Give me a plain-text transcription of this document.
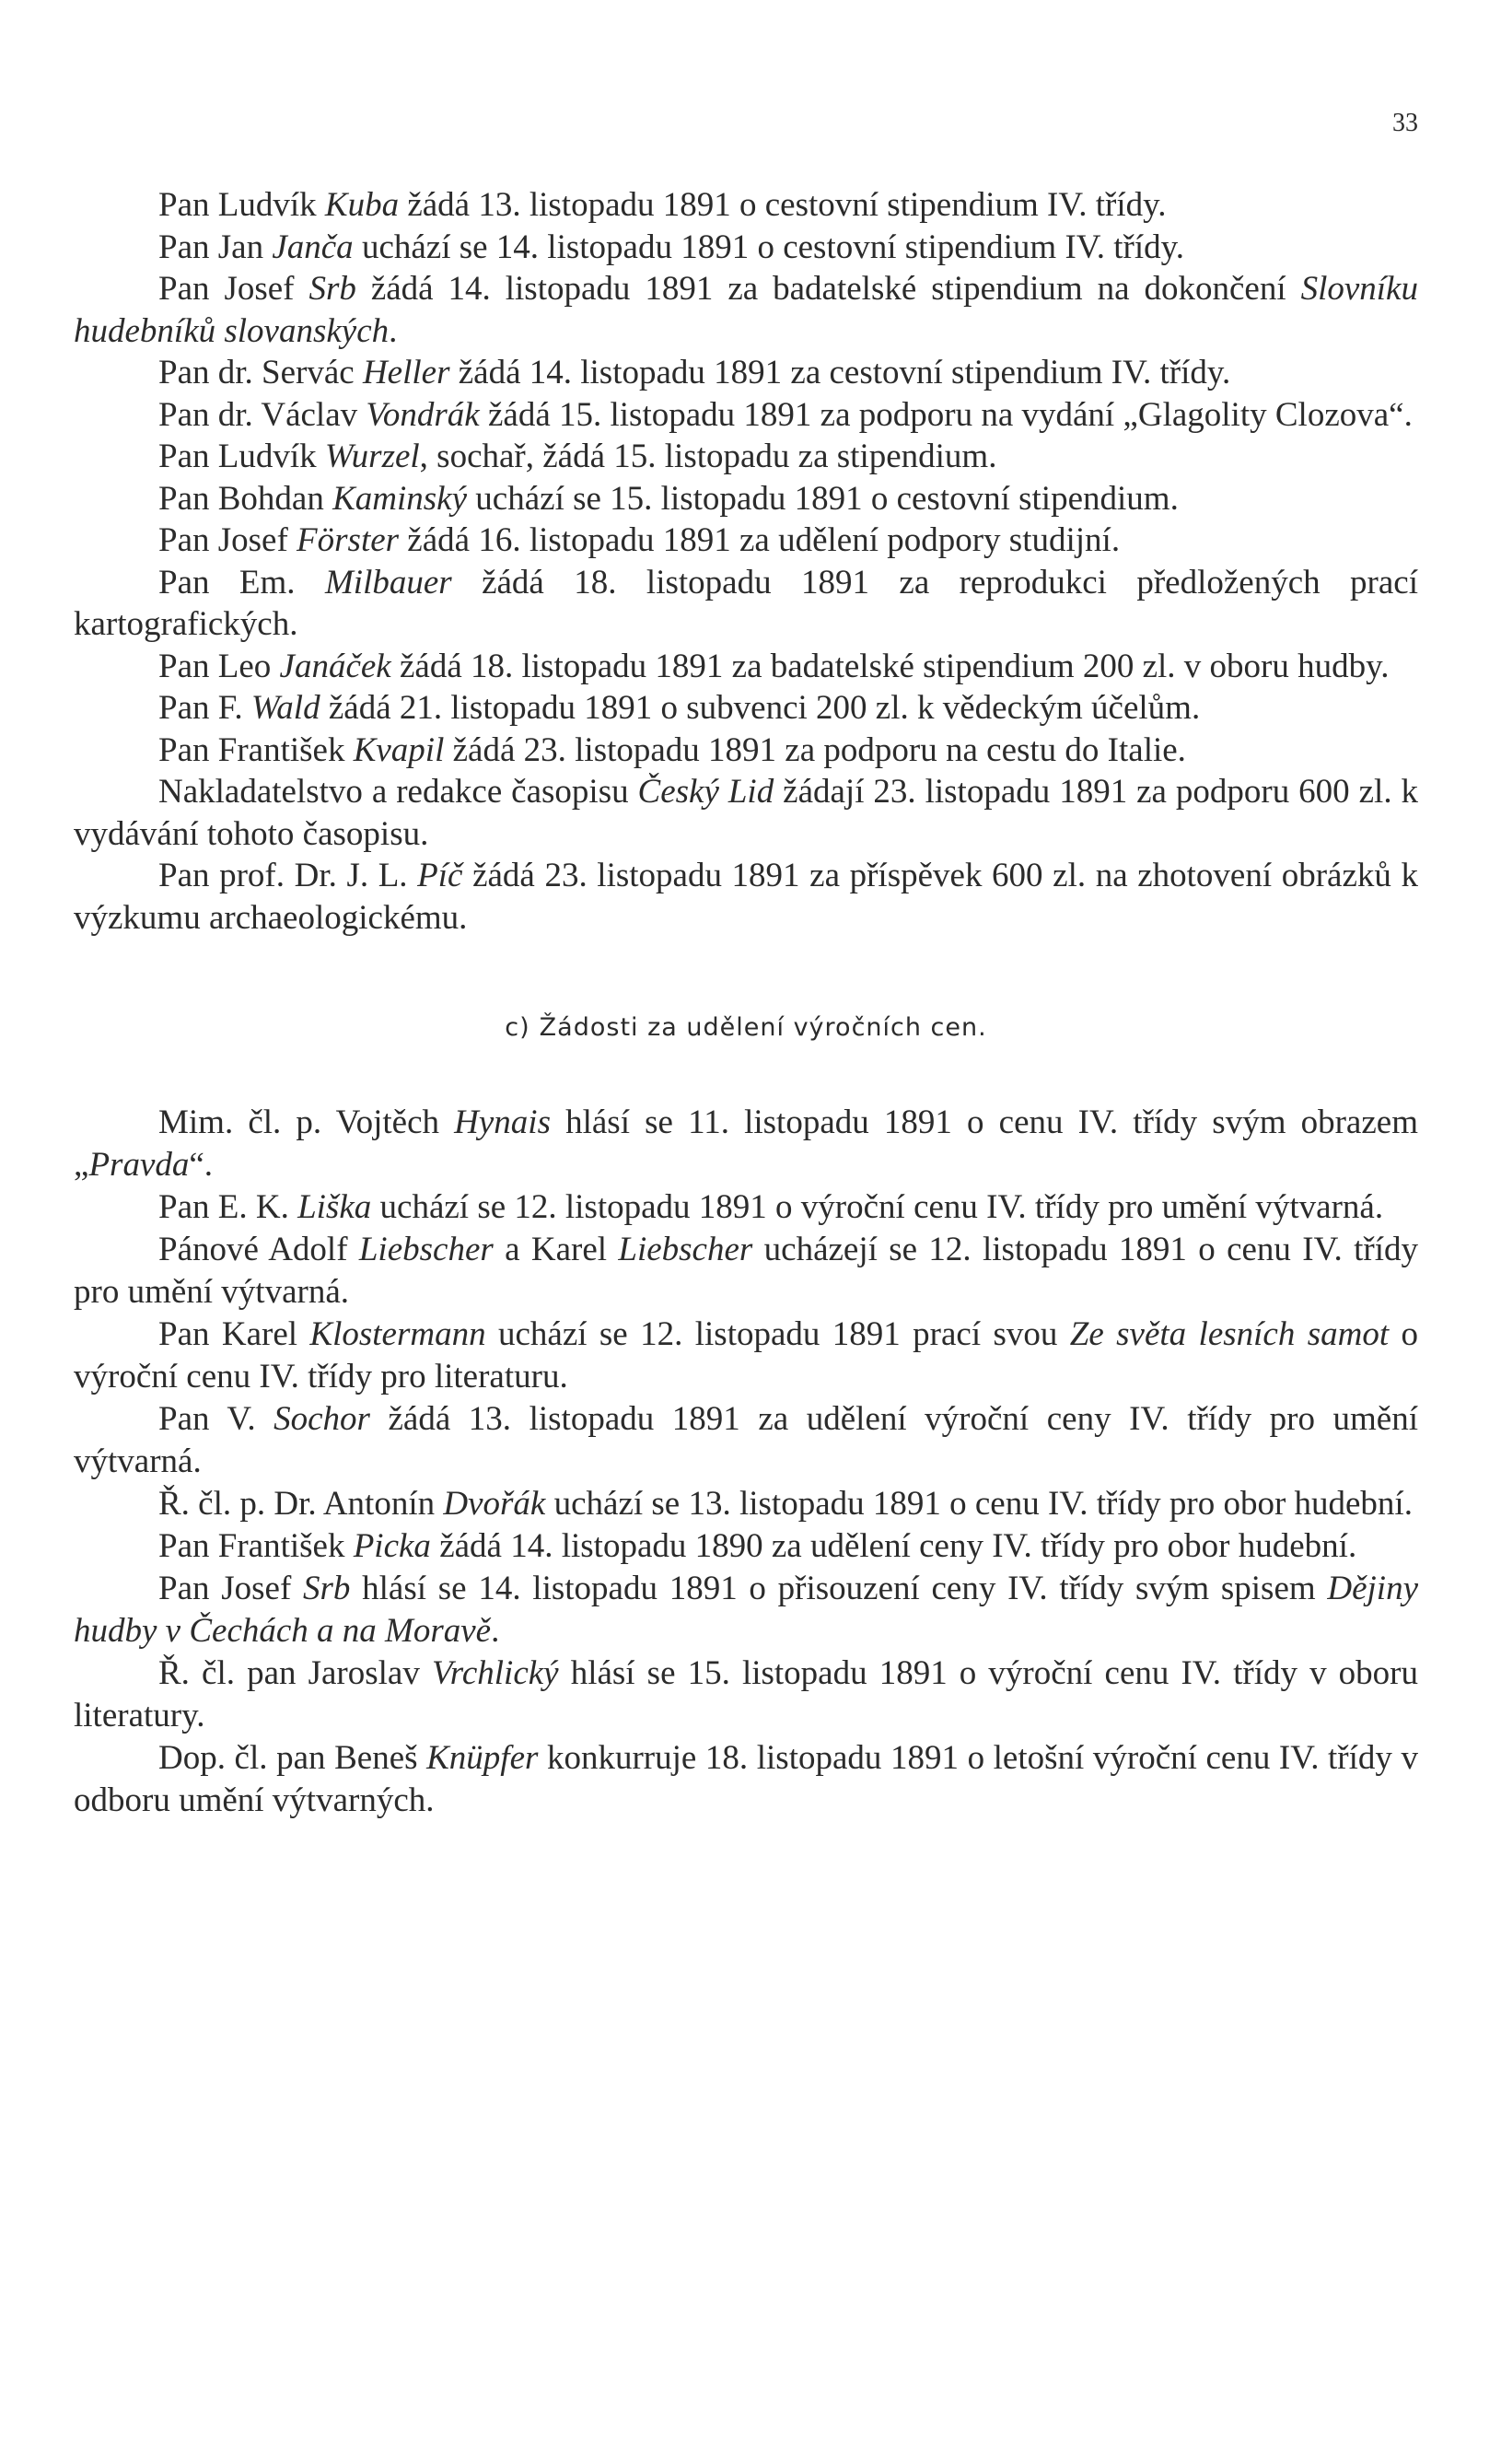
33

Pan Ludvík Kuba žádá 13. listopadu 1891 o cestovní stipendium IV. třídy.

Pan Jan Janča uchází se 14. listopadu 1891 o cestovní stipendium IV. třídy.

Pan Josef Srb žádá 14. listopadu 1891 za badatelské stipendium na dokončení Slovníku hudebníků slovanských.

Pan dr. Servác Heller žádá 14. listopadu 1891 za cestovní stipendium IV. třídy.

Pan dr. Václav Vondrák žádá 15. listopadu 1891 za podporu na vydání „Glagolity Clozova“.

Pan Ludvík Wurzel, sochař, žádá 15. listopadu za stipendium.

Pan Bohdan Kaminský uchází se 15. listopadu 1891 o cestovní stipendium.

Pan Josef Förster žádá 16. listopadu 1891 za udělení podpory studijní.

Pan Em. Milbauer žádá 18. listopadu 1891 za reprodukci předložených prací kartografických.

Pan Leo Janáček žádá 18. listopadu 1891 za badatelské stipendium 200 zl. v oboru hudby.

Pan F. Wald žádá 21. listopadu 1891 o subvenci 200 zl. k vědeckým účelům.

Pan František Kvapil žádá 23. listopadu 1891 za podporu na cestu do Italie.

Nakladatelstvo a redakce časopisu Český Lid žádají 23. listopadu 1891 za podporu 600 zl. k vydávání tohoto časopisu.

Pan prof. Dr. J. L. Píč žádá 23. listopadu 1891 za příspěvek 600 zl. na zhotovení obrázků k výzkumu archaeologickému.

c) Žádosti za udělení výročních cen.

Mim. čl. p. Vojtěch Hynais hlásí se 11. listopadu 1891 o cenu IV. třídy svým obrazem „Pravda“.

Pan E. K. Liška uchází se 12. listopadu 1891 o výroční cenu IV. třídy pro umění výtvarná.

Pánové Adolf Liebscher a Karel Liebscher ucházejí se 12. listopadu 1891 o cenu IV. třídy pro umění výtvarná.

Pan Karel Klostermann uchází se 12. listopadu 1891 prací svou Ze světa lesních samot o výroční cenu IV. třídy pro literaturu.

Pan V. Sochor žádá 13. listopadu 1891 za udělení výroční ceny IV. třídy pro umění výtvarná.

Ř. čl. p. Dr. Antonín Dvořák uchází se 13. listopadu 1891 o cenu IV. třídy pro obor hudební.

Pan František Picka žádá 14. listopadu 1890 za udělení ceny IV. třídy pro obor hudební.

Pan Josef Srb hlásí se 14. listopadu 1891 o přisouzení ceny IV. třídy svým spisem Dějiny hudby v Čechách a na Moravě.

Ř. čl. pan Jaroslav Vrchlický hlásí se 15. listopadu 1891 o výroční cenu IV. třídy v oboru literatury.

Dop. čl. pan Beneš Knüpfer konkurruje 18. listopadu 1891 o letošní výroční cenu IV. třídy v odboru umění výtvarných.
